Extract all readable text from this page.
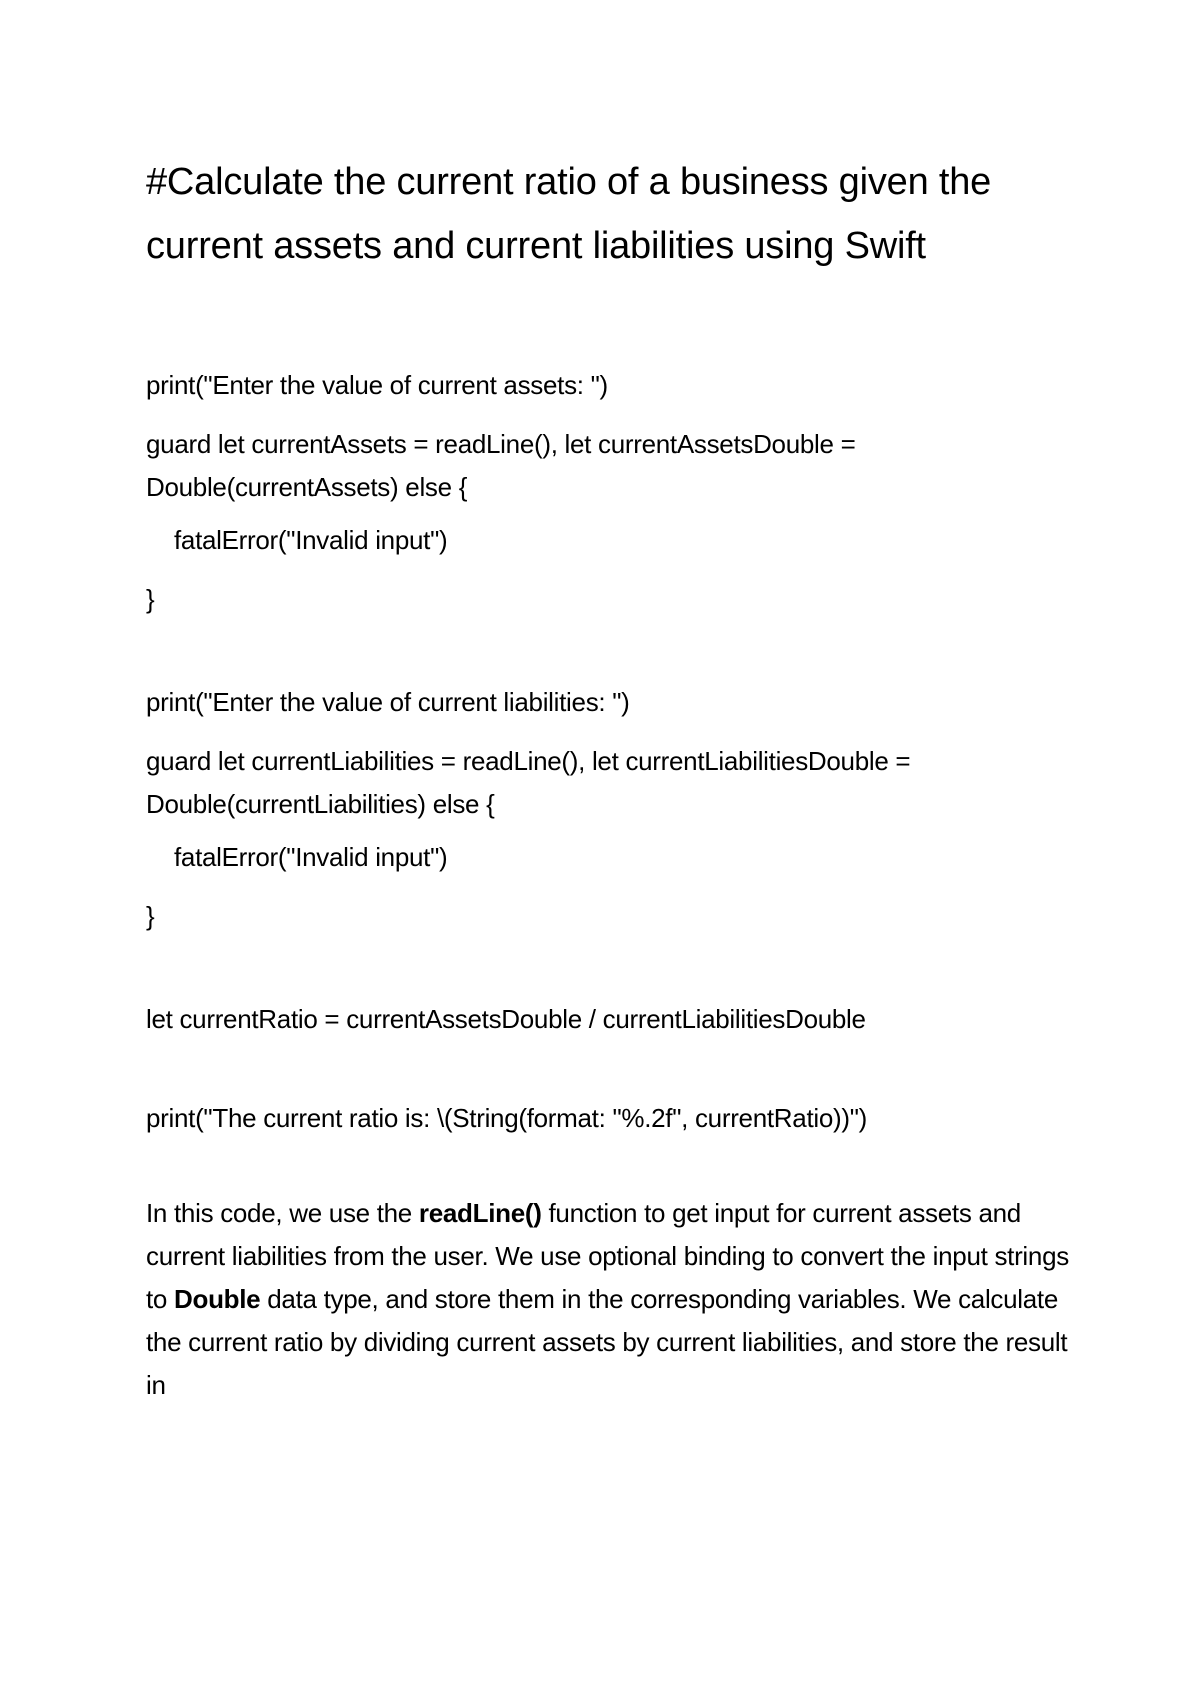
#Calculate the current ratio of a business given the current assets and current liabilities using Swift

print("Enter the value of current assets: ")

guard let currentAssets = readLine(), let currentAssetsDouble = Double(currentAssets) else {

fatalError("Invalid input")

}

print("Enter the value of current liabilities: ")

guard let currentLiabilities = readLine(), let currentLiabilitiesDouble = Double(currentLiabilities) else {

fatalError("Invalid input")

}

let currentRatio = currentAssetsDouble / currentLiabilitiesDouble

print("The current ratio is: \(String(format: "%.2f", currentRatio))")

In this code, we use the readLine() function to get input for current assets and current liabilities from the user. We use optional binding to convert the input strings to Double data type, and store them in the corresponding variables. We calculate the current ratio by dividing current assets by current liabilities, and store the result in
